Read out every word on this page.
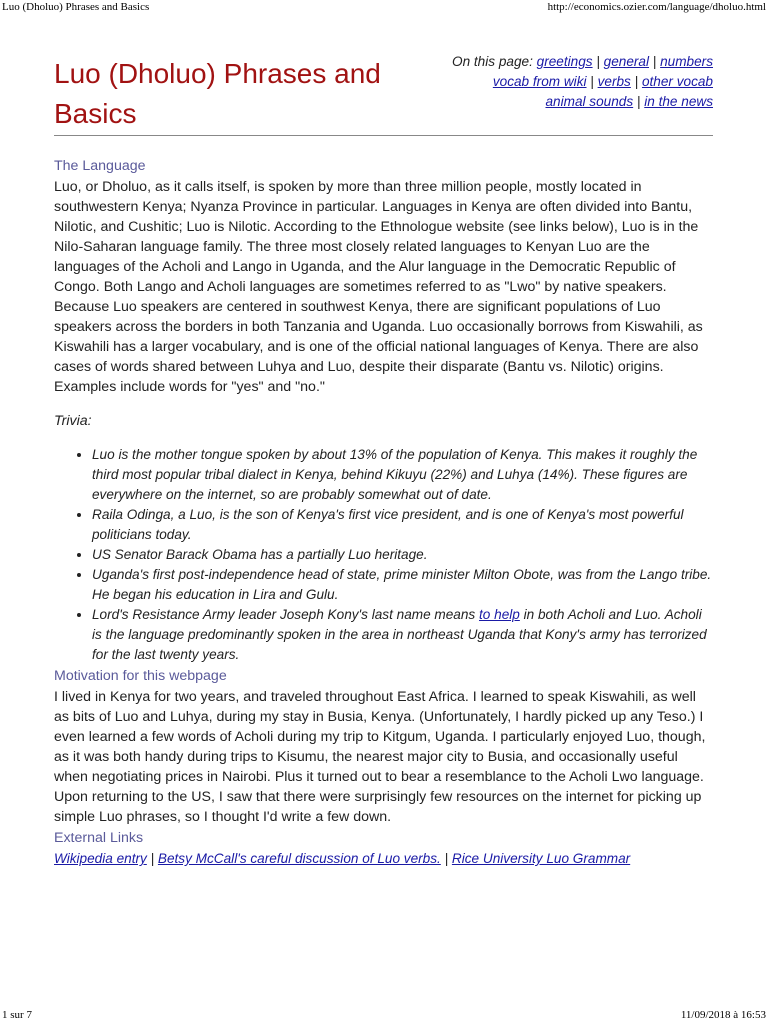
Luo (Dholuo) Phrases and Basics	http://economics.ozier.com/language/dholuo.html
Luo (Dholuo) Phrases and Basics
On this page: greetings | general | numbers
vocab from wiki | verbs | other vocab
animal sounds | in the news
The Language

Luo, or Dholuo, as it calls itself, is spoken by more than three million people, mostly located in southwestern Kenya; Nyanza Province in particular. Languages in Kenya are often divided into Bantu, Nilotic, and Cushitic; Luo is Nilotic. According to the Ethnologue website (see links below), Luo is in the Nilo-Saharan language family. The three most closely related languages to Kenyan Luo are the languages of the Acholi and Lango in Uganda, and the Alur language in the Democratic Republic of Congo. Both Lango and Acholi languages are sometimes referred to as "Lwo" by native speakers. Because Luo speakers are centered in southwest Kenya, there are significant populations of Luo speakers across the borders in both Tanzania and Uganda. Luo occasionally borrows from Kiswahili, as Kiswahili has a larger vocabulary, and is one of the official national languages of Kenya. There are also cases of words shared between Luhya and Luo, despite their disparate (Bantu vs. Nilotic) origins. Examples include words for "yes" and "no."

Trivia:

• Luo is the mother tongue spoken by about 13% of the population of Kenya. This makes it roughly the third most popular tribal dialect in Kenya, behind Kikuyu (22%) and Luhya (14%). These figures are everywhere on the internet, so are probably somewhat out of date.
• Raila Odinga, a Luo, is the son of Kenya's first vice president, and is one of Kenya's most powerful politicians today.
• US Senator Barack Obama has a partially Luo heritage.
• Uganda's first post-independence head of state, prime minister Milton Obote, was from the Lango tribe. He began his education in Lira and Gulu.
• Lord's Resistance Army leader Joseph Kony's last name means to help in both Acholi and Luo. Acholi is the language predominantly spoken in the area in northeast Uganda that Kony's army has terrorized for the last twenty years.
Motivation for this webpage

I lived in Kenya for two years, and traveled throughout East Africa. I learned to speak Kiswahili, as well as bits of Luo and Luhya, during my stay in Busia, Kenya. (Unfortunately, I hardly picked up any Teso.) I even learned a few words of Acholi during my trip to Kitgum, Uganda. I particularly enjoyed Luo, though, as it was both handy during trips to Kisumu, the nearest major city to Busia, and occasionally useful when negotiating prices in Nairobi. Plus it turned out to bear a resemblance to the Acholi Lwo language. Upon returning to the US, I saw that there were surprisingly few resources on the internet for picking up simple Luo phrases, so I thought I'd write a few down.

External Links

Wikipedia entry | Betsy McCall's careful discussion of Luo verbs. | Rice University Luo Grammar

1 sur 7	11/09/2018 à 16:53
